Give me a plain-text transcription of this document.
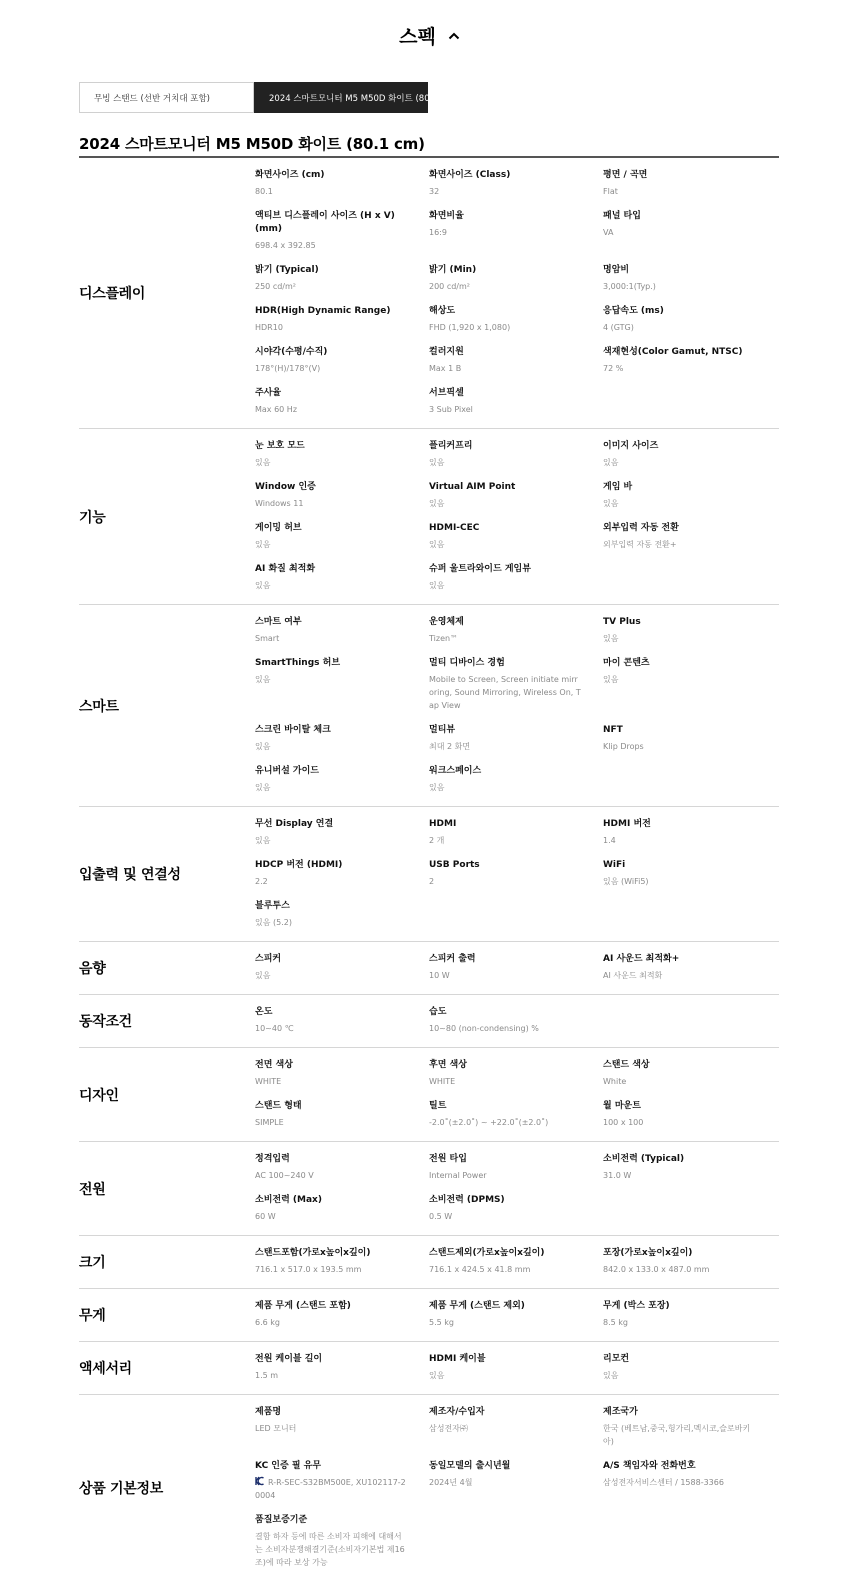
스펙
무빙 스탠드 (선반 거치대 포함)	2024 스마트모니터 M5 M50D 화이트 (80...
2024 스마트모니터 M5 M50D 화이트 (80.1 cm)
디스플레이
화면사이즈 (cm)
80.1
화면사이즈 (Class)
32
평면 / 곡면
Flat
액티브 디스플레이 사이즈 (H x V) (mm)
698.4 x 392.85
화면비율
16:9
패널 타입
VA
밝기 (Typical)
250 cd/m²
밝기 (Min)
200 cd/m²
명암비
3,000:1(Typ.)
HDR(High Dynamic Range)
HDR10
해상도
FHD (1,920 x 1,080)
응답속도 (ms)
4 (GTG)
시야각(수평/수직)
178°(H)/178°(V)
컬러지원
Max 1 B
색재현성(Color Gamut, NTSC)
72 %
주사율
Max 60 Hz
서브픽셀
3 Sub Pixel
기능
눈 보호 모드
있음
플리커프리
있음
이미지 사이즈
있음
Window 인증
Windows 11
Virtual AIM Point
있음
게임 바
있음
게이밍 허브
있음
HDMI-CEC
있음
외부입력 자동 전환
외부입력 자동 전환+
AI 화질 최적화
있음
슈퍼 울트라와이드 게임뷰
있음
스마트
스마트 여부
Smart
운영체제
Tizen™
TV Plus
있음
SmartThings 허브
있음
멀티 디바이스 경험
Mobile to Screen, Screen initiate mirroring, Sound Mirroring, Wireless On, Tap View
마이 콘텐츠
있음
스크린 바이탈 체크
있음
멀티뷰
최대 2 화면
NFT
Klip Drops
유니버설 가이드
있음
워크스페이스
있음
입출력 및 연결성
무선 Display 연결
있음
HDMI
2 개
HDMI 버전
1.4
HDCP 버전 (HDMI)
2.2
USB Ports
2
WiFi
있음 (WiFi5)
블루투스
있음 (5.2)
음향
스피커
있음
스피커 출력
10 W
AI 사운드 최적화+
AI 사운드 최적화
동작조건
온도
10~40 ℃
습도
10~80 (non-condensing) %
디자인
전면 색상
WHITE
후면 색상
WHITE
스탠드 색상
White
스탠드 형태
SIMPLE
틸트
-2.0˚(±2.0˚) ~ +22.0˚(±2.0˚)
월 마운트
100 x 100
전원
정격입력
AC 100~240 V
전원 타입
Internal Power
소비전력 (Typical)
31.0 W
소비전력 (Max)
60 W
소비전력 (DPMS)
0.5 W
크기
스탠드포함(가로x높이x깊이)
716.1 x 517.0 x 193.5 mm
스탠드제외(가로x높이x깊이)
716.1 x 424.5 x 41.8 mm
포장(가로x높이x깊이)
842.0 x 133.0 x 487.0 mm
무게
제품 무게 (스탠드 포함)
6.6 kg
제품 무게 (스탠드 제외)
5.5 kg
무게 (박스 포장)
8.5 kg
액세서리
전원 케이블 길이
1.5 m
HDMI 케이블
있음
리모컨
있음
상품 기본정보
제품명
LED 모니터
제조자/수입자
삼성전자㈜
제조국가
한국 (베트남,중국,헝가리,멕시코,슬로바키아)
KC 인증 필 유무
R-R-SEC-S32BM500E, XU102117-20004
동일모델의 출시년월
2024년 4월
A/S 책임자와 전화번호
삼성전자서비스센터 / 1588-3366
품질보증기준
결함 하자 등에 따른 소비자 피해에 대해서는 소비자분쟁해결기준(소비자기본법 제16조)에 따라 보상 가능
